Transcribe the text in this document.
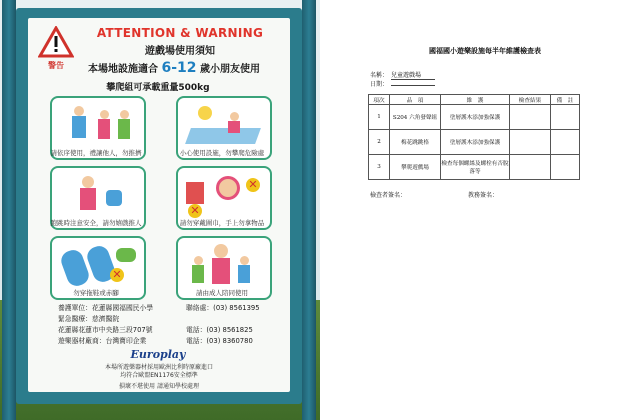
警告
ATTENTION & WARNING
遊戲場使用須知
本場地設施適合 6-12 歲小朋友使用
攀爬組可承載重量500kg
請依序使用，禮讓他人，勿推擠	小心使用設施，勿攀爬危險處
跑跳時注意安全，請勿嬉戲推人
✕
✕
請勿穿戴圍巾，手上勿拿物品
✕
勿穿拖鞋或赤腳	請由成人陪同使用
養護單位：花蓮縣國福國民小學	聯絡處：(03) 8561395
緊急醫療：慈濟醫院
花蓮縣花蓮市中央路三段707號	電話：(03) 8561825
遊樂器材廠商：台灣寶印企業	電話：(03) 8360780
Europlay
本場所遊樂器材採用歐洲比利時原廠進口
均符合歐盟EN1176安全標準
損壞不堪使用 請通知學校處理
國福國小遊樂設施每半年維護檢查表
名稱： 兒童遊戲場
日期：
項次	品　項	維　護	檢查結果	備　註
1	S204 六角發聲組	塗層護木添加強保護		
2	梅花跳跳格	塗層護木添加強保護		
3	攀爬遊戲場	檢查每個螺絲及螺栓有否脫落等		
檢查者簽名：	教務簽名：
